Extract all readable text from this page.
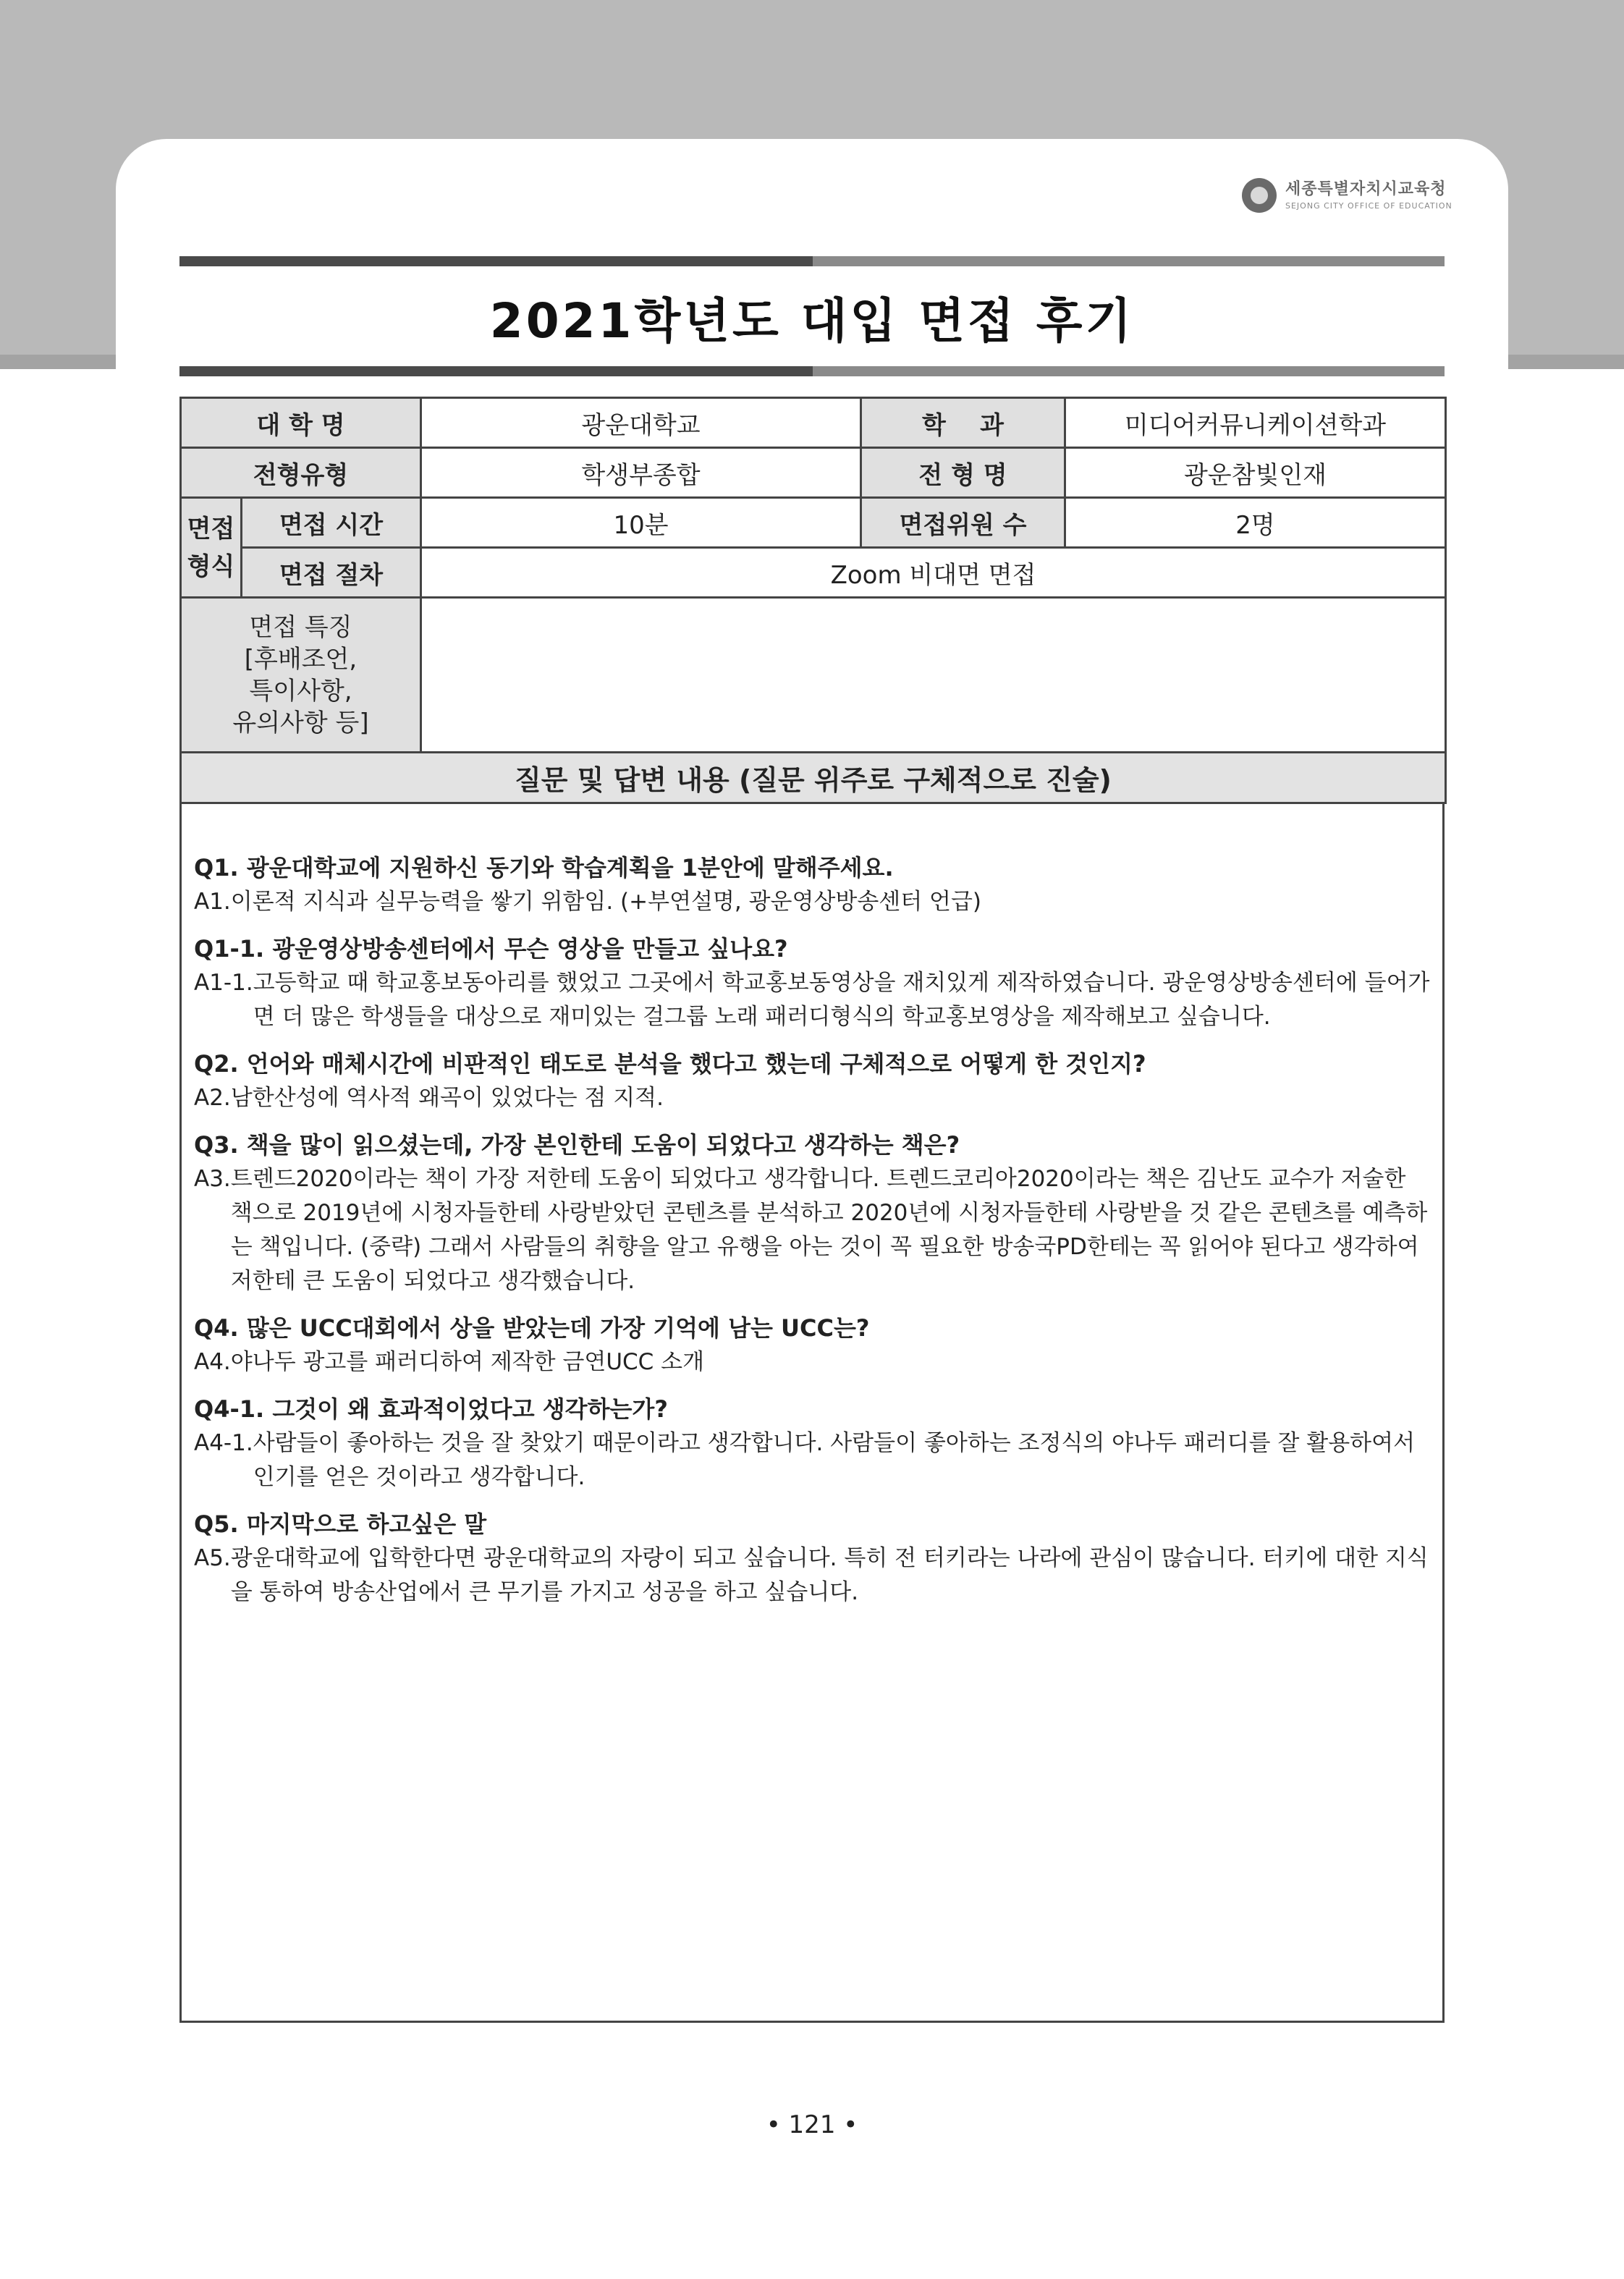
세종특별자치시교육청
SEJONG CITY OFFICE OF EDUCATION
2021학년도 대입 면접 후기
대 학 명		광운대학교	학    과	미디어커뮤니케이션학과
전형유형		학생부종합	전 형 명	광운참빛인재
면접
형식	면접 시간	10분	면접위원 수	2명
	면접 절차	Zoom 비대면 면접		
면접 특징
[후배조언,
특이사항,
유의사항 등]				
질문 및 답변 내용 (질문 위주로 구체적으로 진술)				
Q1. 광운대학교에 지원하신 동기와 학습계획을 1분안에 말해주세요.
A1. 이론적 지식과 실무능력을 쌓기 위함임. (+부연설명, 광운영상방송센터 언급)
Q1-1. 광운영상방송센터에서 무슨 영상을 만들고 싶나요?
A1-1. 고등학교 때 학교홍보동아리를 했었고 그곳에서 학교홍보동영상을 재치있게 제작하였습니다. 광운영상방송센터에 들어가면 더 많은 학생들을 대상으로 재미있는 걸그룹 노래 패러디형식의 학교홍보영상을 제작해보고 싶습니다.
Q2. 언어와 매체시간에 비판적인 태도로 분석을 했다고 했는데 구체적으로 어떻게 한 것인지?
A2. 남한산성에 역사적 왜곡이 있었다는 점 지적.
Q3. 책을 많이 읽으셨는데, 가장 본인한테 도움이 되었다고 생각하는 책은?
A3. 트렌드2020이라는 책이 가장 저한테 도움이 되었다고 생각합니다. 트렌드코리아2020이라는 책은 김난도 교수가 저술한 책으로 2019년에 시청자들한테 사랑받았던 콘텐츠를 분석하고 2020년에 시청자들한테 사랑받을 것 같은 콘텐츠를 예측하는 책입니다. (중략) 그래서 사람들의 취향을 알고 유행을 아는 것이 꼭 필요한 방송국PD한테는 꼭 읽어야 된다고 생각하여 저한테 큰 도움이 되었다고 생각했습니다.
Q4. 많은 UCC대회에서 상을 받았는데 가장 기억에 남는 UCC는?
A4. 야나두 광고를 패러디하여 제작한 금연UCC 소개
Q4-1. 그것이 왜 효과적이었다고 생각하는가?
A4-1. 사람들이 좋아하는 것을 잘 찾았기 때문이라고 생각합니다. 사람들이 좋아하는 조정식의 야나두 패러디를 잘 활용하여서 인기를 얻은 것이라고 생각합니다.
Q5. 마지막으로 하고싶은 말
A5. 광운대학교에 입학한다면 광운대학교의 자랑이 되고 싶습니다. 특히 전 터키라는 나라에 관심이 많습니다. 터키에 대한 지식을 통하여 방송산업에서 큰 무기를 가지고 성공을 하고 싶습니다.
• 121 •
